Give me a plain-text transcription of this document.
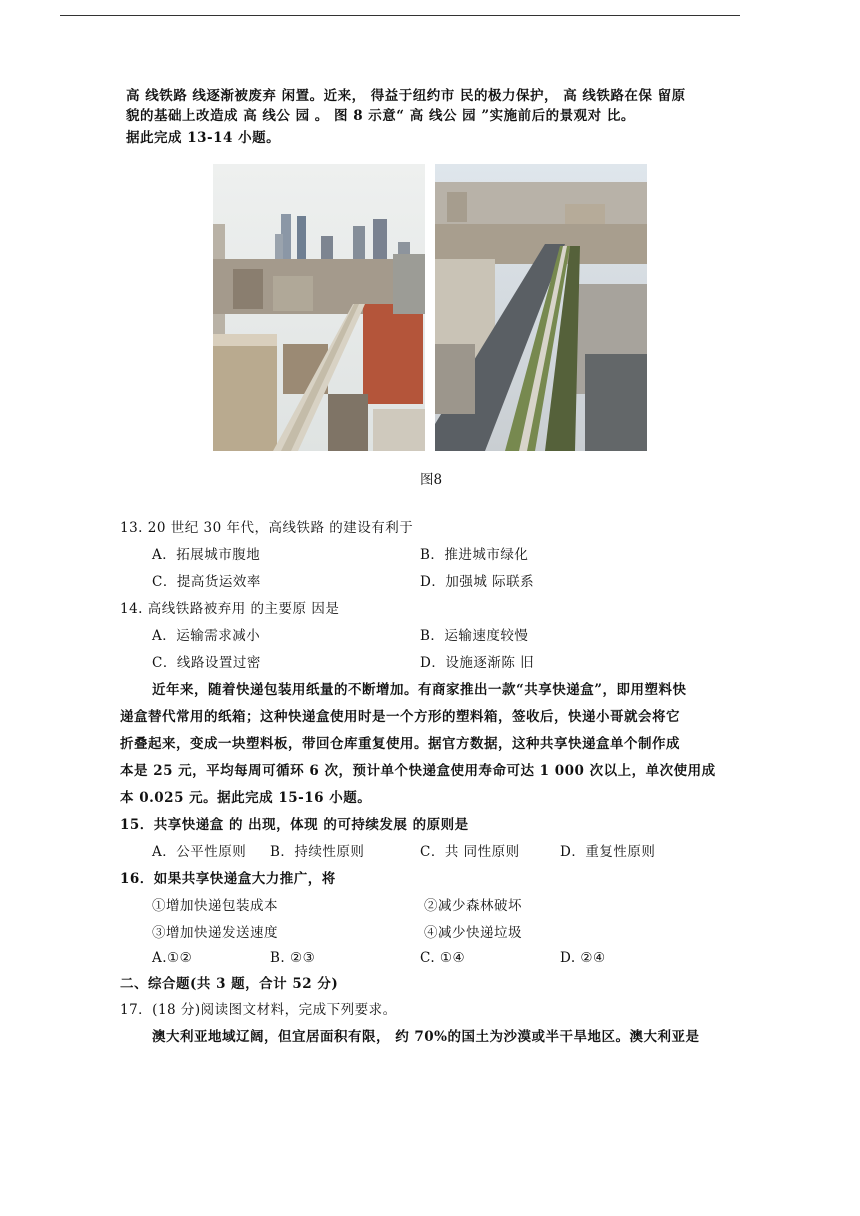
高 线铁路 线逐渐被废弃 闲置。近来， 得益于纽约市 民的极力保护， 高 线铁路在保 留原
貌的基础上改造成 高 线公 园 。 图 8 示意“ 高 线公 园 ”实施前后的景观对 比。
据此完成 13-14 小题。
图8
13. 20 世纪 30 年代，高线铁路 的建设有利于
A．拓展城市腹地	B．推进城市绿化
C．提高货运效率	D．加强城 际联系
14. 高线铁路被弃用 的主要原 因是
A．运输需求减小	B．运输速度较慢
C．线路设置过密	D．设施逐渐陈 旧
近年来，随着快递包装用纸量的不断增加。有商家推出一款“共享快递盒”，即用塑料快
递盒替代常用的纸箱；这种快递盒使用时是一个方形的塑料箱，签收后，快递小哥就会将它
折叠起来，变成一块塑料板，带回仓库重复使用。据官方数据，这种共享快递盒单个制作成
本是 25 元，平均每周可循环 6 次，预计单个快递盒使用寿命可达 1 000 次以上，单次使用成
本 0.025 元。据此完成 15-16 小题。
15．共享快递盒 的 出现，体现 的可持续发展 的原则是
A．公平性原则 B．持续性原则	C．共 同性原则	D．重复性原则
16．如果共享快递盒大力推广，将
①增加快递包装成本	②减少森林破坏
③增加快递发送速度	④减少快递垃圾
A.①②	B. ②③	C. ①④	D. ②④
二、综合题(共 3 题，合计 52 分)
17．(18 分)阅读图文材料，完成下列要求。
澳大利亚地域辽阔，但宜居面积有限， 约 70%的国土为沙漠或半干旱地区。澳大利亚是
